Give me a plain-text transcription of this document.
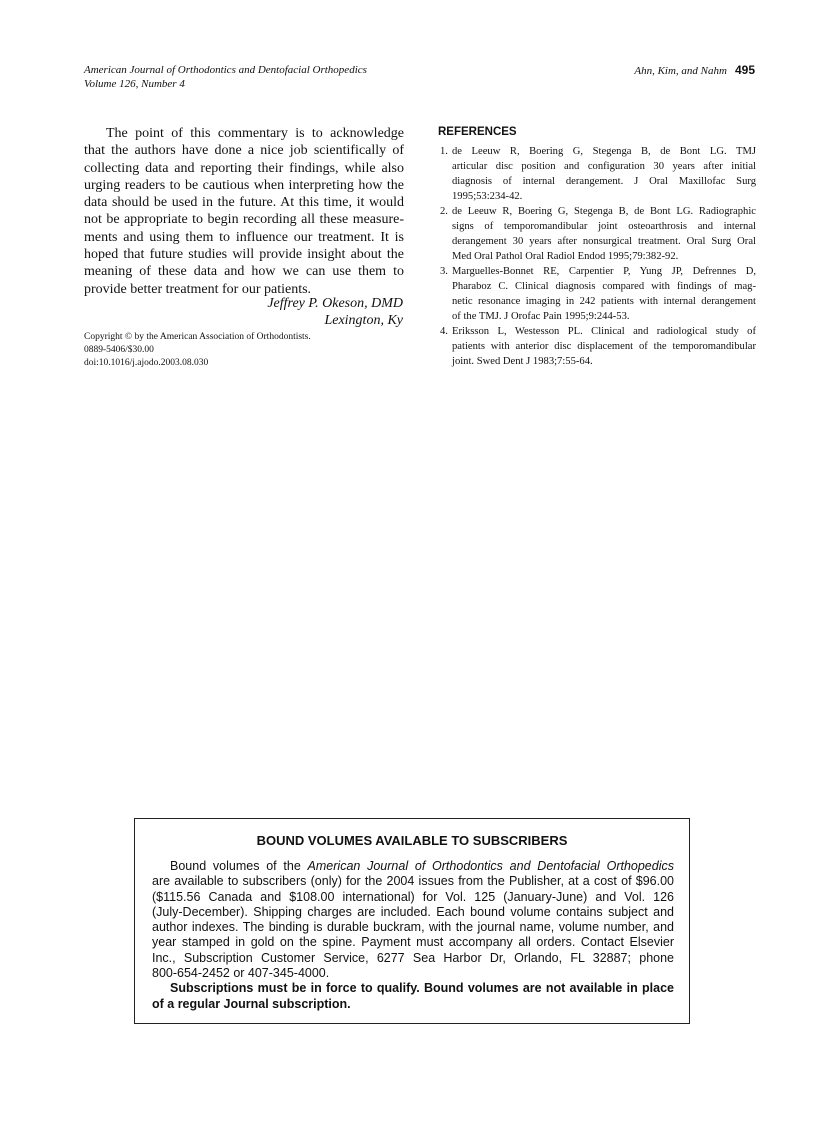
American Journal of Orthodontics and Dentofacial Orthopedics
Volume 126, Number 4
Ahn, Kim, and Nahm 495
The point of this commentary is to acknowledge
that the authors have done a nice job scientifically of
collecting data and reporting their findings, while also
urging readers to be cautious when interpreting how the
data should be used in the future. At this time, it would
not be appropriate to begin recording all these measure-
ments and using them to influence our treatment. It is
hoped that future studies will provide insight about the
meaning of these data and how we can use them to
provide better treatment for our patients.
Jeffrey P. Okeson, DMD
Lexington, Ky
Copyright © by the American Association of Orthodontists.
0889-5406/$30.00
doi:10.1016/j.ajodo.2003.08.030
REFERENCES
1. de Leeuw R, Boering G, Stegenga B, de Bont LG. TMJ
articular disc position and configuration 30 years after initial
diagnosis of internal derangement. J Oral Maxillofac Surg
1995;53:234-42.
2. de Leeuw R, Boering G, Stegenga B, de Bont LG. Radiographic
signs of temporomandibular joint osteoarthrosis and internal
derangement 30 years after nonsurgical treatment. Oral Surg Oral
Med Oral Pathol Oral Radiol Endod 1995;79:382-92.
3. Marguelles-Bonnet RE, Carpentier P, Yung JP, Defrennes D,
Pharaboz C. Clinical diagnosis compared with findings of mag-
netic resonance imaging in 242 patients with internal derangement
of the TMJ. J Orofac Pain 1995;9:244-53.
4. Eriksson L, Westesson PL. Clinical and radiological study of
patients with anterior disc displacement of the temporomandibular
joint. Swed Dent J 1983;7:55-64.
BOUND VOLUMES AVAILABLE TO SUBSCRIBERS
Bound volumes of the American Journal of Orthodontics and Dentofacial Orthopedics
are available to subscribers (only) for the 2004 issues from the Publisher, at a cost of $96.00
($115.56 Canada and $108.00 international) for Vol. 125 (January-June) and Vol. 126
(July-December). Shipping charges are included. Each bound volume contains subject and
author indexes. The binding is durable buckram, with the journal name, volume number, and
year stamped in gold on the spine. Payment must accompany all orders. Contact Elsevier
Inc., Subscription Customer Service, 6277 Sea Harbor Dr, Orlando, FL 32887; phone
800-654-2452 or 407-345-4000.
Subscriptions must be in force to qualify. Bound volumes are not available in place
of a regular Journal subscription.
